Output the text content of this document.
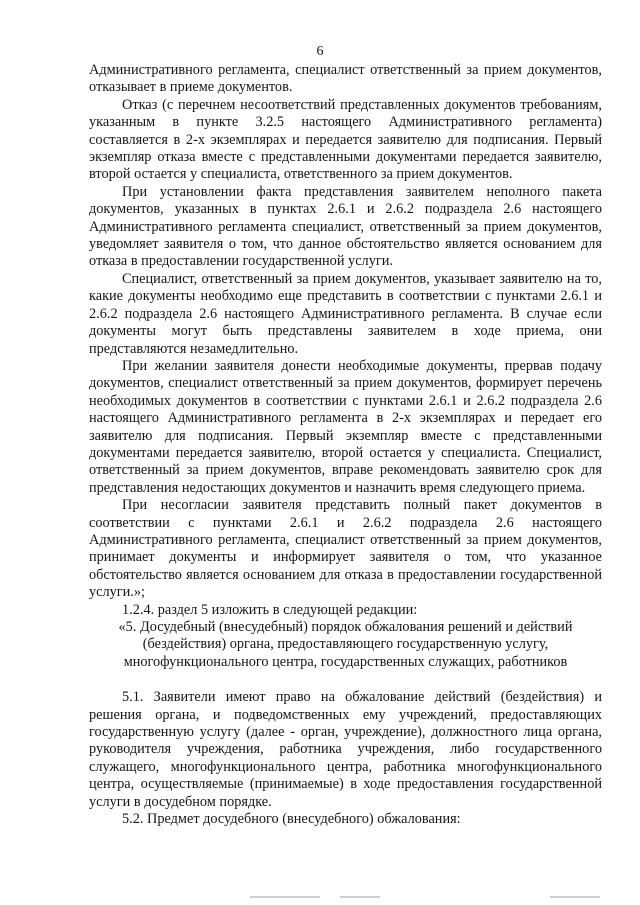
6

Административного регламента, специалист ответственный за прием документов, отказывает в приеме документов.

Отказ (с перечнем несоответствий представленных документов требованиям, указанным в пункте 3.2.5 настоящего Административного регламента) составляется в 2-х экземплярах и передается заявителю для подписания. Первый экземпляр отказа вместе с представленными документами передается заявителю, второй остается у специалиста, ответственного за прием документов.

При установлении факта представления заявителем неполного пакета документов, указанных в пунктах 2.6.1 и 2.6.2 подраздела 2.6 настоящего Административного регламента специалист, ответственный за прием документов, уведомляет заявителя о том, что данное обстоятельство является основанием для отказа в предоставлении государственной услуги.

Специалист, ответственный за прием документов, указывает заявителю на то, какие документы необходимо еще представить в соответствии с пунктами 2.6.1 и 2.6.2 подраздела 2.6 настоящего Административного регламента. В случае если документы могут быть представлены заявителем в ходе приема, они представляются незамедлительно.

При желании заявителя донести необходимые документы, прервав подачу документов, специалист ответственный за прием документов, формирует перечень необходимых документов в соответствии с пунктами 2.6.1 и 2.6.2 подраздела 2.6 настоящего Административного регламента в 2-х экземплярах и передает его заявителю для подписания. Первый экземпляр вместе с представленными документами передается заявителю, второй остается у специалиста. Специалист, ответственный за прием документов, вправе рекомендовать заявителю срок для представления недостающих документов и назначить время следующего приема.

При несогласии заявителя представить полный пакет документов в соответствии с пунктами 2.6.1 и 2.6.2 подраздела 2.6 настоящего Административного регламента, специалист ответственный за прием документов, принимает документы и информирует заявителя о том, что указанное обстоятельство является основанием для отказа в предоставлении государственной услуги.»;

1.2.4. раздел 5 изложить в следующей редакции:

«5. Досудебный (внесудебный) порядок обжалования решений и действий (бездействия) органа, предоставляющего государственную услугу, многофункционального центра, государственных служащих, работников

5.1. Заявители имеют право на обжалование действий (бездействия) и решения органа, и подведомственных ему учреждений, предоставляющих государственную услугу (далее - орган, учреждение), должностного лица органа, руководителя учреждения, работника учреждения, либо государственного служащего, многофункционального центра, работника многофункционального центра, осуществляемые (принимаемые) в ходе предоставления государственной услуги в досудебном порядке.

5.2. Предмет досудебного (внесудебного) обжалования:
